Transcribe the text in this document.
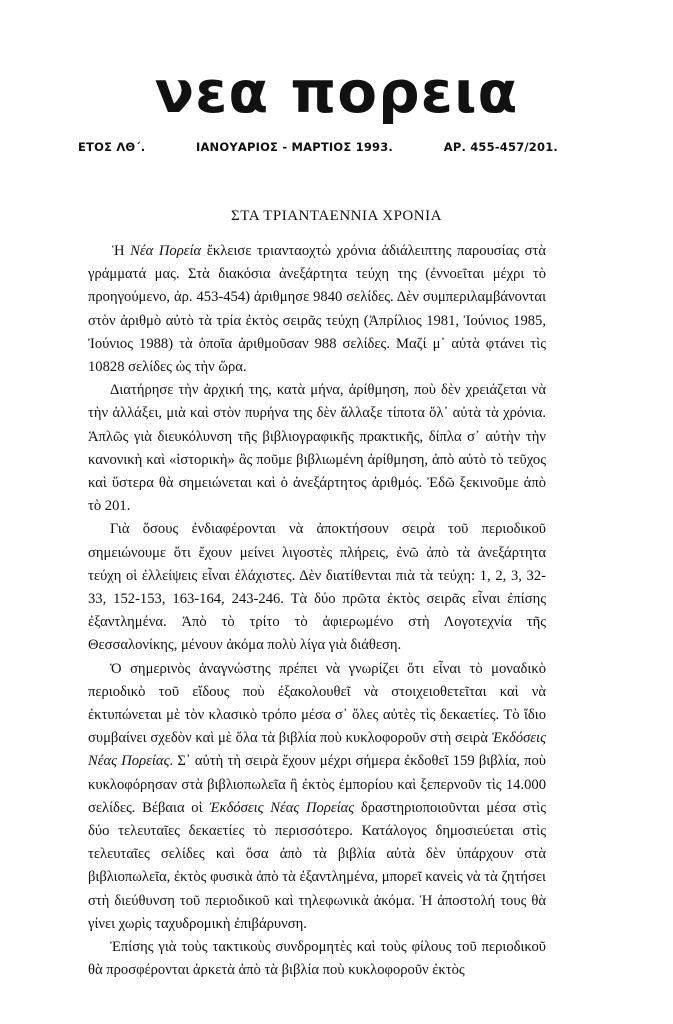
νεα πορεια
ΕΤΟΣ ΛΘ΄.	ΙΑΝΟΥΑΡΙΟΣ - ΜΑΡΤΙΟΣ 1993.	ΑΡ. 455-457/201.
ΣΤΑ ΤΡΙΑΝΤΑΕΝΝΙΑ ΧΡΟΝΙΑ

Ἡ Νέα Πορεία ἔκλεισε τριανταοχτὼ χρόνια ἀδιάλειπτης παρουσίας στὰ γράμματά μας. Στὰ διακόσια ἀνεξάρτητα τεύχη της (ἐννοεῖται μέχρι τὸ προηγούμενο, ἀρ. 453-454) ἀριθμησε 9840 σελίδες. Δὲν συμπεριλαμβάνονται στὸν ἀριθμὸ αὐτὸ τὰ τρία ἐκτὸς σειρᾶς τεύχη (Ἀπρίλιος 1981, Ἰούνιος 1985, Ἰούνιος 1988) τὰ ὁποῖα ἀριθμοῦσαν 988 σελίδες. Μαζί μ᾽ αὐτὰ φτάνει τὶς 10828 σελίδες ὡς τὴν ὥρα.

Διατήρησε τὴν ἀρχική της, κατὰ μήνα, ἀρίθμηση, ποὺ δὲν χρειάζεται νὰ τὴν ἀλλάξει, μιὰ καὶ στὸν πυρήνα της δὲν ἄλλαξε τίποτα ὅλ᾽ αὐτὰ τὰ χρόνια. Ἁπλῶς γιὰ διευκόλυνση τῆς βιβλιογραφικῆς πρακτικῆς, δίπλα σ᾽ αὐτὴν τὴν κανονικὴ καὶ «ἱστορικὴ» ἂς ποῦμε βιβλιωμένη ἀρίθμηση, ἀπὸ αὐτὸ τὸ τεῦχος καὶ ὕστερα θὰ σημειώνεται καὶ ὁ ἀνεξάρτητος ἀριθμός. Ἐδῶ ξεκινοῦμε ἀπὸ τὸ 201.

Γιὰ ὅσους ἐνδιαφέρονται νὰ ἀποκτήσουν σειρὰ τοῦ περιοδικοῦ σημειώνουμε ὅτι ἔχουν μείνει λιγοστὲς πλήρεις, ἐνῶ ἀπὸ τὰ ἀνεξάρτητα τεύχη οἱ ἐλλείψεις εἶναι ἐλάχιστες. Δὲν διατίθενται πιὰ τὰ τεύχη: 1, 2, 3, 32-33, 152-153, 163-164, 243-246. Τὰ δύο πρῶτα ἐκτὸς σειρᾶς εἶναι ἐπίσης ἐξαντλημένα. Ἀπὸ τὸ τρίτο τὸ ἀφιερωμένο στὴ Λογοτεχνία τῆς Θεσσαλονίκης, μένουν ἀκόμα πολὺ λίγα γιὰ διάθεση.

Ὁ σημερινὸς ἀναγνώστης πρέπει νὰ γνωρίζει ὅτι εἶναι τὸ μοναδικὸ περιοδικὸ τοῦ εἴδους ποὺ ἐξακολουθεῖ νὰ στοιχειοθετεῖται καὶ νὰ ἐκτυπώνεται μὲ τὸν κλασικὸ τρόπο μέσα σ᾽ ὅλες αὐτὲς τὶς δεκαετίες. Τὸ ἴδιο συμβαίνει σχεδὸν καὶ μὲ ὅλα τὰ βιβλία ποὺ κυκλοφοροῦν στὴ σειρὰ Ἐκδόσεις Νέας Πορείας. Σ᾽ αὐτὴ τὴ σειρὰ ἔχουν μέχρι σήμερα ἐκδοθεῖ 159 βιβλία, ποὺ κυκλοφόρησαν στὰ βιβλιοπωλεῖα ἢ ἐκτὸς ἐμπορίου καὶ ξεπερνοῦν τὶς 14.000 σελίδες. Βέβαια οἱ Ἐκδόσεις Νέας Πορείας δραστηριοποιοῦνται μέσα στὶς δύο τελευταῖες δεκαετίες τὸ περισσότερο. Κατάλογος δημοσιεύεται στὶς τελευταῖες σελίδες καὶ ὅσα ἀπὸ τὰ βιβλία αὐτὰ δὲν ὑπάρχουν στὰ βιβλιοπωλεῖα, ἐκτὸς φυσικὰ ἀπὸ τὰ ἐξαντλημένα, μπορεῖ κανεὶς νὰ τὰ ζητήσει στὴ διεύθυνση τοῦ περιοδικοῦ καὶ τηλεφωνικὰ ἀκόμα. Ἡ ἀποστολή τους θὰ γίνει χωρὶς ταχυδρομικὴ ἐπιβάρυνση.

Ἐπίσης γιὰ τοὺς τακτικοὺς συνδρομητὲς καὶ τοὺς φίλους τοῦ περιοδικοῦ θὰ προσφέρονται ἀρκετὰ ἀπὸ τὰ βιβλία ποὺ κυκλοφοροῦν ἐκτὸς
